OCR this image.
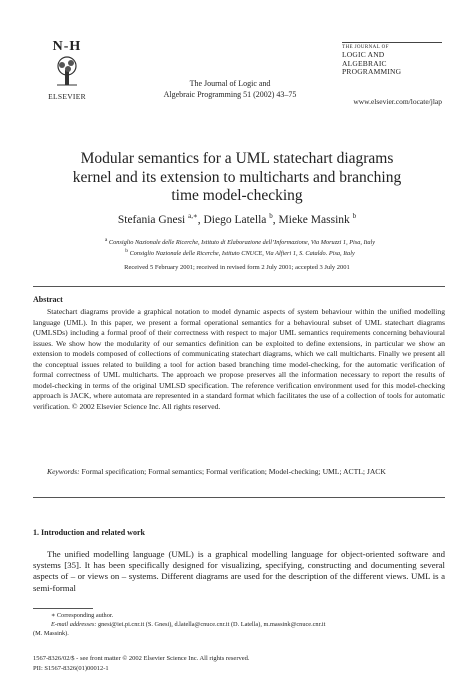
N-H
ELSEVIER
The Journal of Logic and
Algebraic Programming 51 (2002) 43–75
THE JOURNAL OF
LOGIC AND
ALGEBRAIC
PROGRAMMING
www.elsevier.com/locate/jlap
Modular semantics for a UML statechart diagrams
kernel and its extension to multicharts and branching
time model-checking
Stefania Gnesi $^{a,∗}$, Diego Latella $^b$, Mieke Massink $^b$
$^a$ Consiglio Nazionale delle Ricerche, Istituto di Elaborazione dell’Informazione, Via Moruzzi 1, Pisa, Italy
$^b$ Consiglio Nazionale delle Ricerche, Istituto CNUCE, Via Alfieri 1, S. Cataldo. Pisa, Italy
Received 5 February 2001; received in revised form 2 July 2001; accepted 3 July 2001
Abstract
Statechart diagrams provide a graphical notation to model dynamic aspects of system behaviour within the unified modelling language (UML). In this paper, we present a formal operational semantics for a behavioural subset of UML statechart diagrams (UMLSDs) including a formal proof of their correctness with respect to major UML semantics requirements concerning behavioural issues. We show how the modularity of our semantics definition can be exploited to define extensions, in particular we show an extension to models composed of collections of communicating statechart diagrams, which we call multicharts. Finally we present all the conceptual issues related to building a tool for action based branching time model-checking, for the automatic verification of formal correctness of UML multicharts. The approach we propose preserves all the information necessary to report the results of model-checking in terms of the original UMLSD specification. The reference verification environment used for this model-checking approach is JACK, where automata are represented in a standard format which facilitates the use of a collection of tools for automatic verification. © 2002 Elsevier Science Inc. All rights reserved.
Keywords: Formal specification; Formal semantics; Formal verification; Model-checking; UML; ACTL; JACK
1. Introduction and related work
The unified modelling language (UML) is a graphical modelling language for object-oriented software and systems [35]. It has been specifically designed for visualizing, specifying, constructing and documenting several aspects of – or views on – systems. Different diagrams are used for the description of the different views. UML is a semi-formal
∗ Corresponding author.
E-mail addresses: gnesi@iei.pi.cnr.it (S. Gnesi), d.latella@cnuce.cnr.it (D. Latella), m.massink@cnuce.cnr.it
(M. Massink).
1567-8326/02/$ - see front matter © 2002 Elsevier Science Inc. All rights reserved.
PII: S1567-8326(01)00012-1
